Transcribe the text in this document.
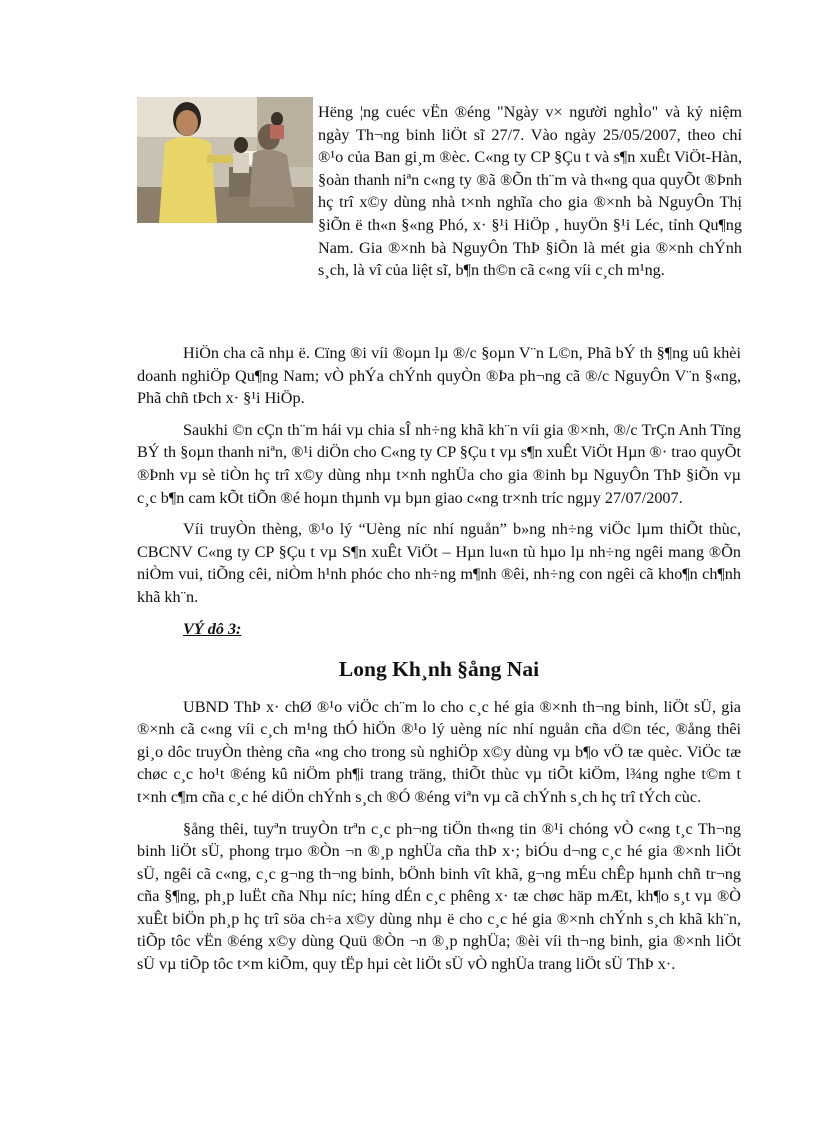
Hëng ¦ng cuéc vËn ®éng "Ngày v× người nghÌo" và kỷ niệm ngày Th¬ng binh liÖt sĩ 27/7. Vào ngày 25/05/2007, theo chỉ ®¹o của Ban gi¸m ®èc. C«ng ty CP §Çu t và s¶n xuÊt ViÖt-Hàn, §oàn thanh niªn c«ng ty ®ã ®Õn th¨m và th«ng qua quyÕt ®Þnh hç trî x©y dùng nhà t×nh nghĩa cho gia ®×nh bà NguyÔn Thị §iÕn ë th«n §«ng Phó, x· §¹i HiÖp , huyÖn §¹i Léc, tỉnh Qu¶ng Nam. Gia ®×nh bà NguyÔn ThÞ §iÕn là mét gia ®×nh chÝnh s¸ch, là vî của liệt sĩ, b¶n th©n cã c«ng víi c¸ch m¹ng.

HiÖn cha cã nhµ ë. Cïng ®i víi ®oµn lµ ®/c §oµn V¨n L©n, Phã bÝ th §¶ng uû khèi doanh nghiÖp Qu¶ng Nam; vÒ phÝa chÝnh quyÒn ®Þa ph¬ng cã ®/c NguyÔn V¨n §«ng, Phã chñ tÞch x· §¹i HiÖp.

Saukhi ©n cÇn th¨m hái vµ chia sÎ nh÷ng khã kh¨n víi gia ®×nh, ®/c TrÇn Anh Tïng BÝ th §oµn thanh niªn, ®¹i diÖn cho C«ng ty CP §Çu t vµ s¶n xuÊt ViÖt Hµn ®· trao quyÕt ®Þnh vµ sè tiÒn hç trî x©y dùng nhµ t×nh nghÜa cho gia ®inh bµ NguyÔn ThÞ §iÕn vµ c¸c b¶n cam kÕt tiÕn ®é hoµn thµnh vµ bµn giao c«ng tr×nh tríc ngµy 27/07/2007.

Víi truyÒn thèng, ®¹o lý “Uèng níc nhí nguån” b»ng nh÷ng viÖc lµm thiÕt thùc, CBCNV C«ng ty CP §Çu t vµ S¶n xuÊt ViÖt – Hµn lu«n tù hµo lµ nh÷ng ngêi mang ®Õn niÒm vui, tiÕng cêi, niÒm h¹nh phóc cho nh÷ng m¶nh ®êi, nh÷ng con ngêi cã kho¶n ch¶nh khã kh¨n.

VÝ dô 3:

Long Kh¸nh §ång Nai

UBND ThÞ x· chØ ®¹o viÖc ch¨m lo cho c¸c hé gia ®×nh th¬ng binh, liÖt sÜ, gia ®×nh cã c«ng víi c¸ch m¹ng thÓ hiÖn ®¹o lý uèng níc nhí nguån cña d©n téc, ®ång thêi gi¸o dôc truyÒn thèng cña «ng cho trong sù nghiÖp x©y dùng vµ b¶o vÖ tæ quèc. ViÖc tæ chøc c¸c ho¹t ®éng kû niÖm ph¶i trang träng, thiÕt thùc vµ tiÕt kiÖm, l¾ng nghe t©m t t×nh c¶m cña c¸c hé diÖn chÝnh s¸ch ®Ó ®éng viªn vµ cã chÝnh s¸ch hç trî tÝch cùc.

§ång thêi, tuyªn truyÒn trªn c¸c ph¬ng tiÖn th«ng tin ®¹i chóng vÒ c«ng t¸c Th¬ng binh liÖt sÜ, phong trµo ®Òn ¬n ®¸p nghÜa cña thÞ x·; biÓu d¬ng c¸c hé gia ®×nh liÖt sÜ, ngêi cã c«ng, c¸c g¬ng th¬ng binh, bÖnh binh vît khã, g¬ng mÉu chÊp hµnh chñ tr¬ng cña §¶ng, ph¸p luËt cña Nhµ níc; híng dÉn c¸c phêng x· tæ chøc häp mÆt, kh¶o s¸t vµ ®Ò xuÊt biÖn ph¸p hç trî söa ch÷a x©y dùng nhµ ë cho c¸c hé gia ®×nh chÝnh s¸ch khã kh¨n, tiÕp tôc vËn ®éng x©y dùng Quü ®Òn ¬n ®¸p nghÜa; ®èi víi th¬ng binh, gia ®×nh liÖt sÜ vµ tiÕp tôc t×m kiÕm, quy tËp hµi cèt liÖt sÜ vÒ nghÜa trang liÖt sÜ ThÞ x·.
